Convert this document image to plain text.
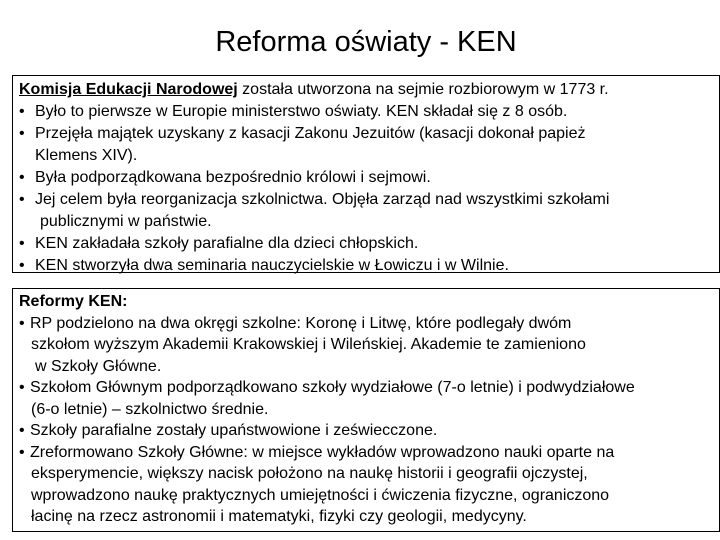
Reforma oświaty - KEN
Komisja Edukacji Narodowej została utworzona na sejmie rozbiorowym w 1773 r.
• Było to pierwsze w Europie ministerstwo oświaty. KEN składał się z 8 osób.
• Przejęła majątek uzyskany z kasacji Zakonu Jezuitów (kasacji dokonał papież
Klemens XIV).
• Była podporządkowana bezpośrednio królowi i sejmowi.
• Jej celem była reorganizacja szkolnictwa. Objęła zarząd nad wszystkimi szkołami
publicznymi w państwie.
• KEN zakładała szkoły parafialne dla dzieci chłopskich.
• KEN stworzyła dwa seminaria nauczycielskie w Łowiczu i w Wilnie.
Reformy KEN:
• RP podzielono na dwa okręgi szkolne: Koronę i Litwę, które podlegały dwóm
szkołom wyższym Akademii Krakowskiej i Wileńskiej. Akademie te zamieniono
w Szkoły Główne.
• Szkołom Głównym podporządkowano szkoły wydziałowe (7-o letnie) i podwydziałowe
(6-o letnie) – szkolnictwo średnie.
• Szkoły parafialne zostały upaństwowione i zeświecczone.
• Zreformowano Szkoły Główne: w miejsce wykładów wprowadzono nauki oparte na
eksperymencie, większy nacisk położono na naukę historii i geografii ojczystej,
wprowadzono naukę praktycznych umiejętności i ćwiczenia fizyczne, ograniczono
łacinę na rzecz astronomii i matematyki, fizyki czy geologii, medycyny.
